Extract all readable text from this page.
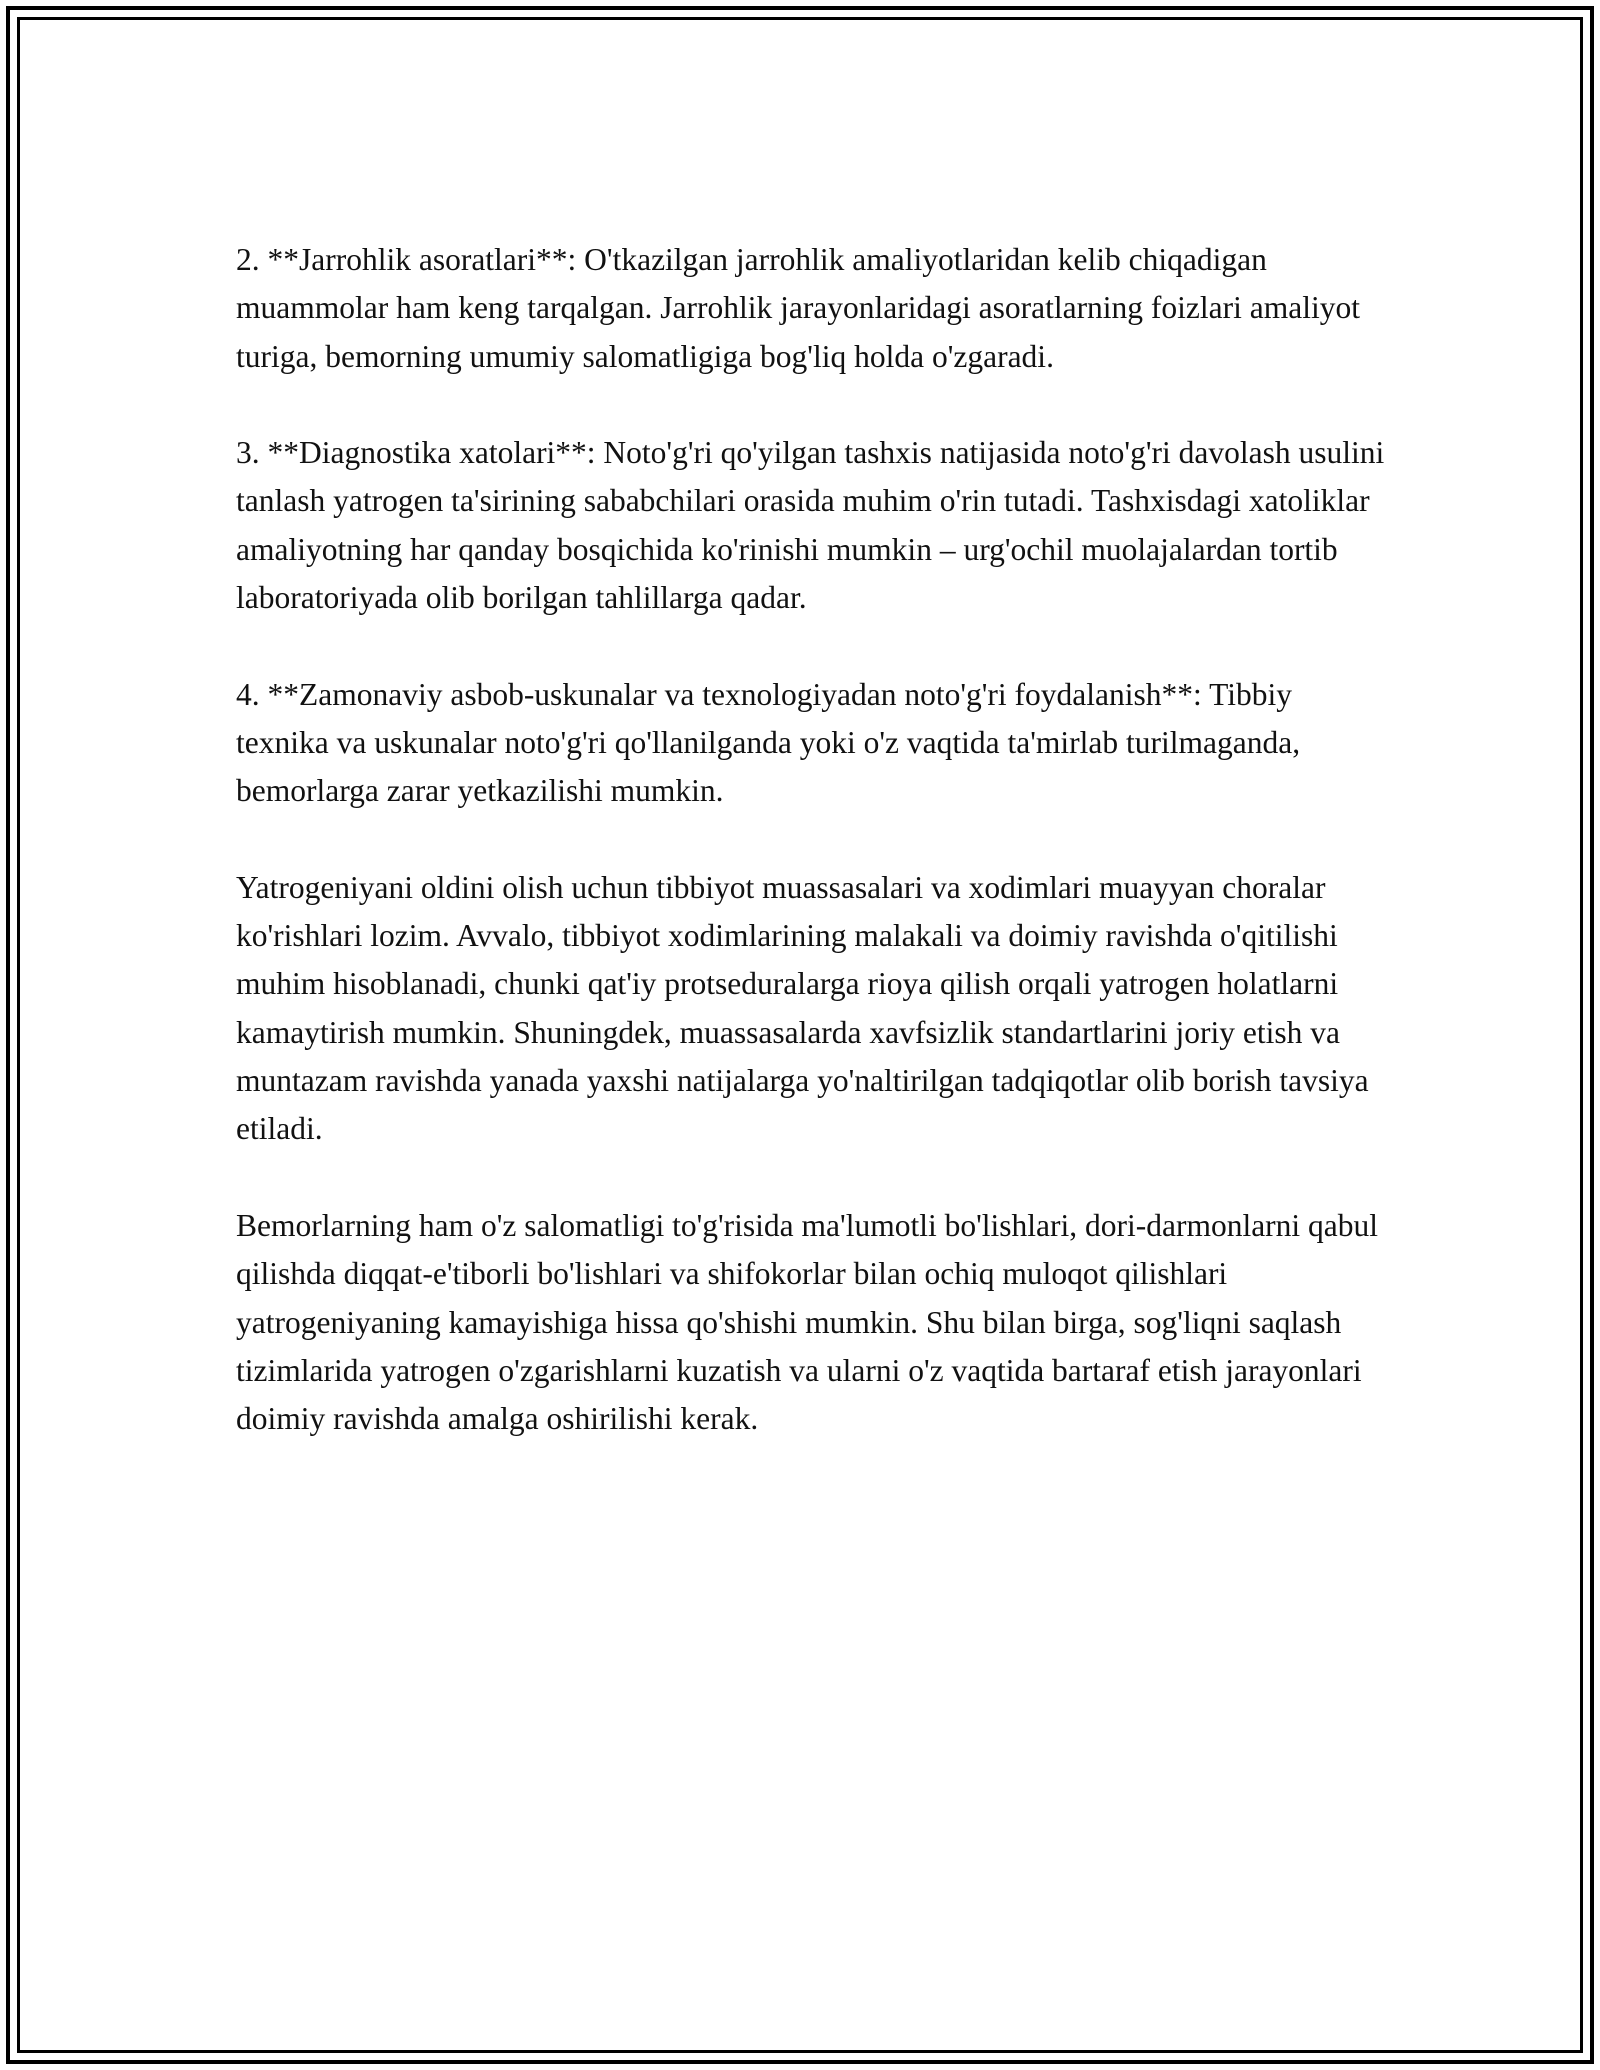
2. **Jarrohlik asoratlari**: O'tkazilgan jarrohlik amaliyotlaridan kelib chiqadigan muammolar ham keng tarqalgan. Jarrohlik jarayonlaridagi asoratlarning foizlari amaliyot turiga, bemorning umumiy salomatligiga bog'liq holda o'zgaradi.

3. **Diagnostika xatolari**: Noto'g'ri qo'yilgan tashxis natijasida noto'g'ri davolash usulini tanlash yatrogen ta'sirining sababchilari orasida muhim o'rin tutadi. Tashxisdagi xatoliklar amaliyotning har qanday bosqichida ko'rinishi mumkin – urg'ochil muolajalardan tortib laboratoriyada olib borilgan tahlillarga qadar.

4. **Zamonaviy asbob-uskunalar va texnologiyadan noto'g'ri foydalanish**: Tibbiy texnika va uskunalar noto'g'ri qo'llanilganda yoki o'z vaqtida ta'mirlab turilmaganda, bemorlarga zarar yetkazilishi mumkin.

Yatrogeniyani oldini olish uchun tibbiyot muassasalari va xodimlari muayyan choralar ko'rishlari lozim. Avvalo, tibbiyot xodimlarining malakali va doimiy ravishda o'qitilishi muhim hisoblanadi, chunki qat'iy protseduralarga rioya qilish orqali yatrogen holatlarni kamaytirish mumkin. Shuningdek, muassasalarda xavfsizlik standartlarini joriy etish va muntazam ravishda yanada yaxshi natijalarga yo'naltirilgan tadqiqotlar olib borish tavsiya etiladi.

Bemorlarning ham o'z salomatligi to'g'risida ma'lumotli bo'lishlari, dori-darmonlarni qabul qilishda diqqat-e'tiborli bo'lishlari va shifokorlar bilan ochiq muloqot qilishlari yatrogeniyaning kamayishiga hissa qo'shishi mumkin. Shu bilan birga, sog'liqni saqlash tizimlarida yatrogen o'zgarishlarni kuzatish va ularni o'z vaqtida bartaraf etish jarayonlari doimiy ravishda amalga oshirilishi kerak.
